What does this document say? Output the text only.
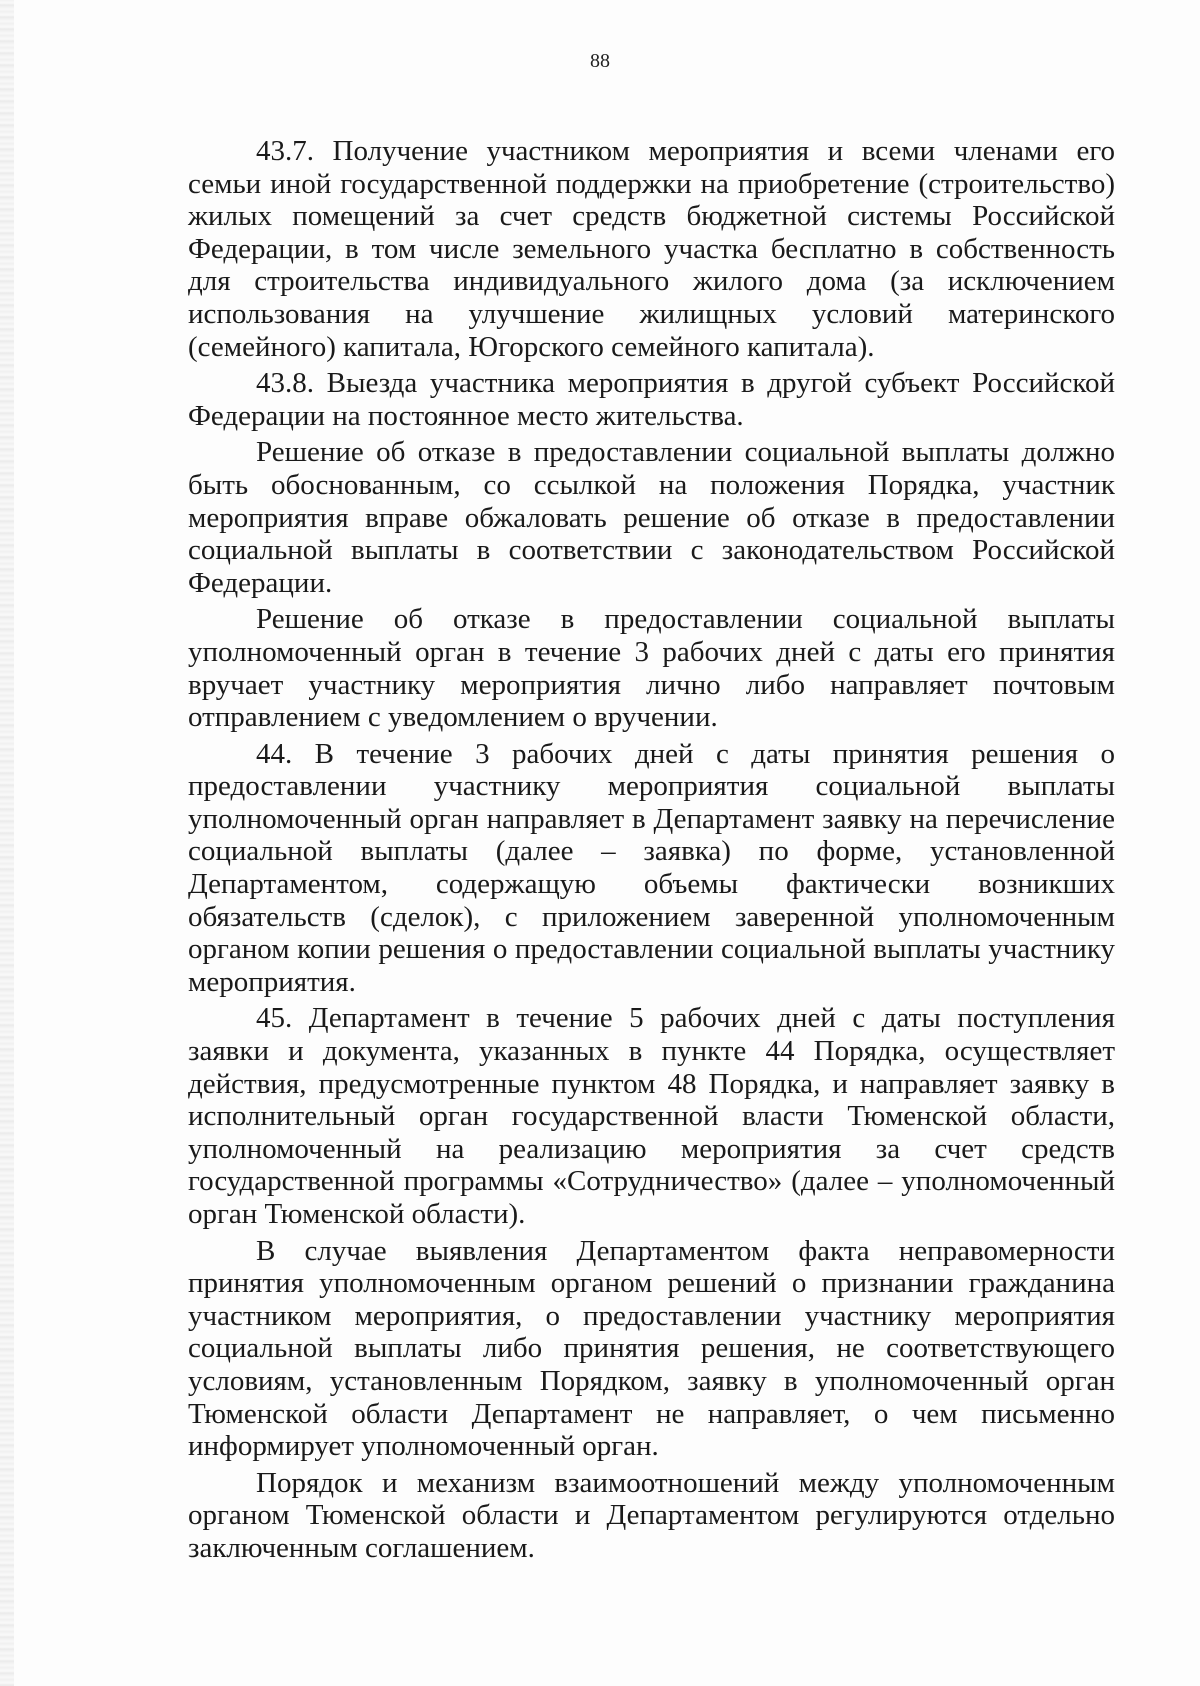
88

43.7. Получение участником мероприятия и всеми членами его семьи иной государственной поддержки на приобретение (строительство) жилых помещений за счет средств бюджетной системы Российской Федерации, в том числе земельного участка бесплатно в собственность для строительства индивидуального жилого дома (за исключением использования на улучшение жилищных условий материнского (семейного) капитала, Югорского семейного капитала).

43.8. Выезда участника мероприятия в другой субъект Российской Федерации на постоянное место жительства.

Решение об отказе в предоставлении социальной выплаты должно быть обоснованным, со ссылкой на положения Порядка, участник мероприятия вправе обжаловать решение об отказе в предоставлении социальной выплаты в соответствии с законодательством Российской Федерации.

Решение об отказе в предоставлении социальной выплаты уполномоченный орган в течение 3 рабочих дней с даты его принятия вручает участнику мероприятия лично либо направляет почтовым отправлением с уведомлением о вручении.

44. В течение 3 рабочих дней с даты принятия решения о предоставлении участнику мероприятия социальной выплаты уполномоченный орган направляет в Департамент заявку на перечисление социальной выплаты (далее – заявка) по форме, установленной Департаментом, содержащую объемы фактически возникших обязательств (сделок), с приложением заверенной уполномоченным органом копии решения о предоставлении социальной выплаты участнику мероприятия.

45. Департамент в течение 5 рабочих дней с даты поступления заявки и документа, указанных в пункте 44 Порядка, осуществляет действия, предусмотренные пунктом 48 Порядка, и направляет заявку в исполнительный орган государственной власти Тюменской области, уполномоченный на реализацию мероприятия за счет средств государственной программы «Сотрудничество» (далее – уполномоченный орган Тюменской области).

В случае выявления Департаментом факта неправомерности принятия уполномоченным органом решений о признании гражданина участником мероприятия, о предоставлении участнику мероприятия социальной выплаты либо принятия решения, не соответствующего условиям, установленным Порядком, заявку в уполномоченный орган Тюменской области Департамент не направляет, о чем письменно информирует уполномоченный орган.

Порядок и механизм взаимоотношений между уполномоченным органом Тюменской области и Департаментом регулируются отдельно заключенным соглашением.
